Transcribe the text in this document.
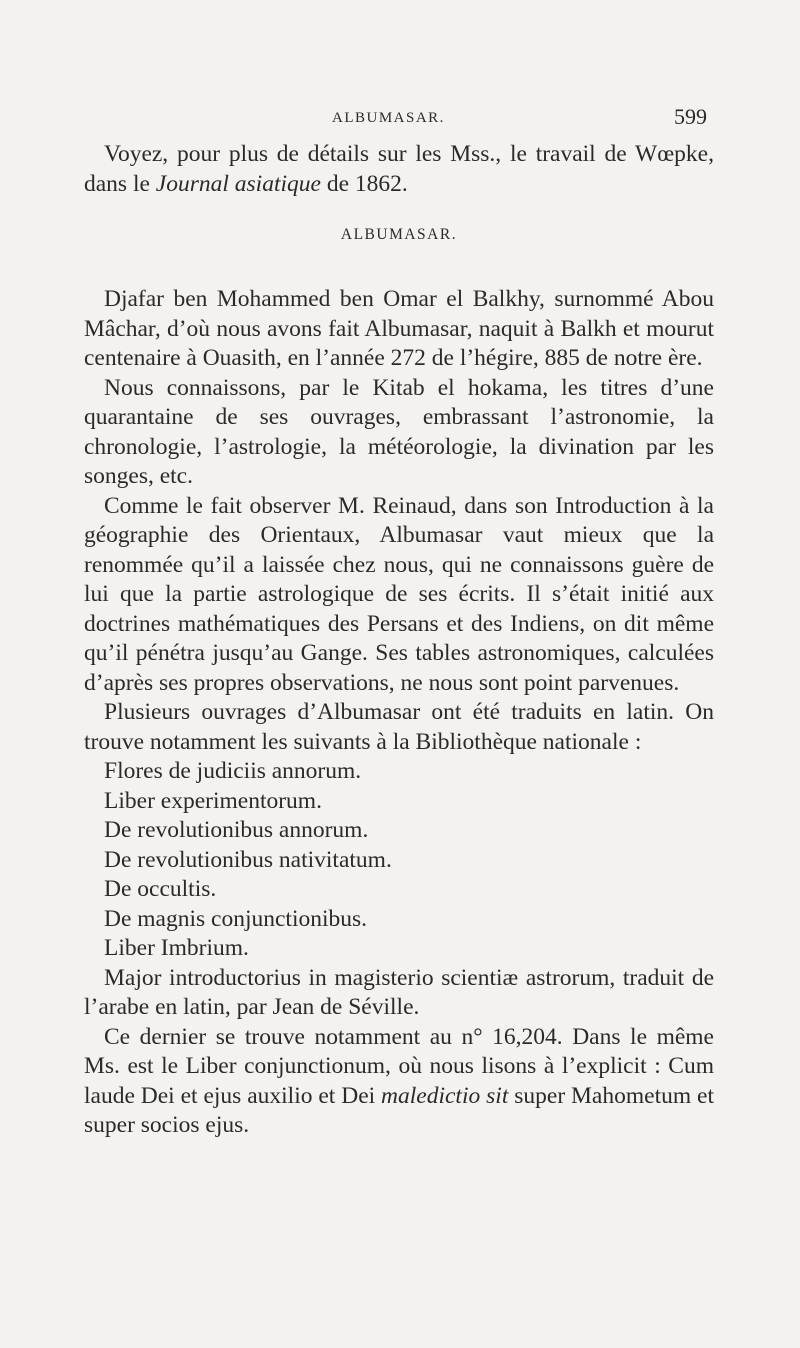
ALBUMASAR.	599

Voyez, pour plus de détails sur les Mss., le travail de Wœpke, dans le Journal asiatique de 1862.

ALBUMASAR.

Djafar ben Mohammed ben Omar el Balkhy, surnommé Abou Mâchar, d’où nous avons fait Albumasar, naquit à Balkh et mourut centenaire à Ouasith, en l’année 272 de l’hégire, 885 de notre ère.

Nous connaissons, par le Kitab el hokama, les titres d’une quarantaine de ses ouvrages, embrassant l’astronomie, la chronologie, l’astrologie, la météorologie, la divination par les songes, etc.

Comme le fait observer M. Reinaud, dans son Introduction à la géographie des Orientaux, Albumasar vaut mieux que la renommée qu’il a laissée chez nous, qui ne connaissons guère de lui que la partie astrologique de ses écrits. Il s’était initié aux doctrines mathématiques des Persans et des Indiens, on dit même qu’il pénétra jusqu’au Gange. Ses tables astronomiques, calculées d’après ses propres observations, ne nous sont point parvenues.

Plusieurs ouvrages d’Albumasar ont été traduits en latin. On trouve notamment les suivants à la Bibliothèque nationale :

Flores de judiciis annorum.

Liber experimentorum.

De revolutionibus annorum.

De revolutionibus nativitatum.

De occultis.

De magnis conjunctionibus.

Liber Imbrium.

Major introductorius in magisterio scientiæ astrorum, traduit de l’arabe en latin, par Jean de Séville.

Ce dernier se trouve notamment au n° 16,204. Dans le même Ms. est le Liber conjunctionum, où nous lisons à l’explicit : Cum laude Dei et ejus auxilio et Dei maledictio sit super Mahometum et super socios ejus.
